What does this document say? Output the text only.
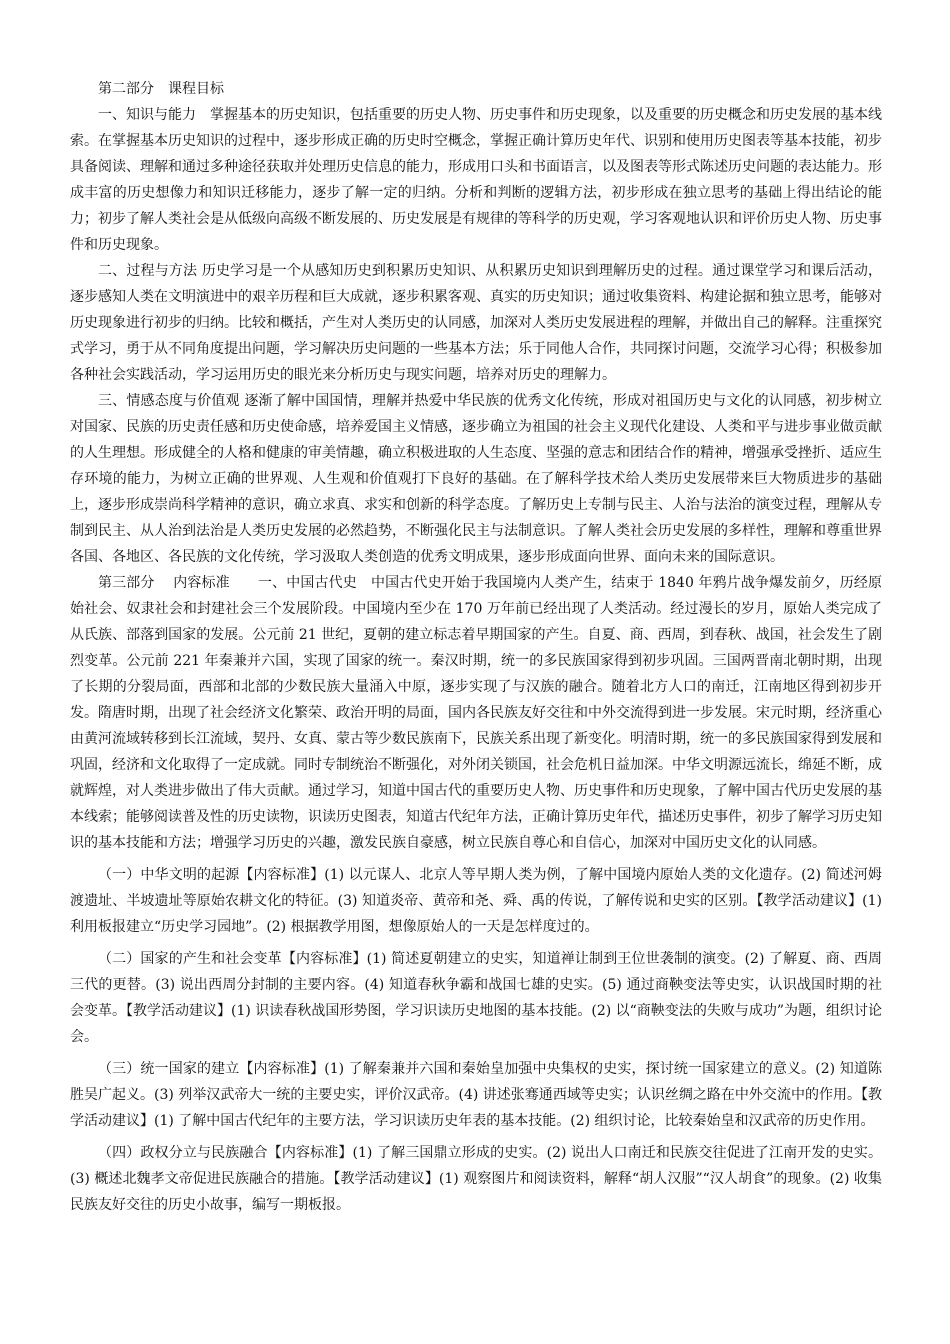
第二部分　课程目标

一、知识与能力　掌握基本的历史知识，包括重要的历史人物、历史事件和历史现象，以及重要的历史概念和历史发展的基本线索。在掌握基本历史知识的过程中，逐步形成正确的历史时空概念，掌握正确计算历史年代、识别和使用历史图表等基本技能，初步具备阅读、理解和通过多种途径获取并处理历史信息的能力，形成用口头和书面语言，以及图表等形式陈述历史问题的表达能力。形成丰富的历史想像力和知识迁移能力，逐步了解一定的归纳。分析和判断的逻辑方法，初步形成在独立思考的基础上得出结论的能力；初步了解人类社会是从低级向高级不断发展的、历史发展是有规律的等科学的历史观，学习客观地认识和评价历史人物、历史事件和历史现象。

二、过程与方法 历史学习是一个从感知历史到积累历史知识、从积累历史知识到理解历史的过程。通过课堂学习和课后活动，逐步感知人类在文明演进中的艰辛历程和巨大成就，逐步积累客观、真实的历史知识；通过收集资料、构建论据和独立思考，能够对历史现象进行初步的归纳。比较和概括，产生对人类历史的认同感，加深对人类历史发展进程的理解，并做出自己的解释。注重探究式学习，勇于从不同角度提出问题，学习解决历史问题的一些基本方法；乐于同他人合作，共同探讨问题，交流学习心得；积极参加各种社会实践活动，学习运用历史的眼光来分析历史与现实问题，培养对历史的理解力。

三、情感态度与价值观 逐渐了解中国国情，理解并热爱中华民族的优秀文化传统，形成对祖国历史与文化的认同感，初步树立对国家、民族的历史责任感和历史使命感，培养爱国主义情感，逐步确立为祖国的社会主义现代化建设、人类和平与进步事业做贡献的人生理想。形成健全的人格和健康的审美情趣，确立积极进取的人生态度、坚强的意志和团结合作的精神，增强承受挫折、适应生存环境的能力，为树立正确的世界观、人生观和价值观打下良好的基础。在了解科学技术给人类历史发展带来巨大物质进步的基础上，逐步形成崇尚科学精神的意识，确立求真、求实和创新的科学态度。了解历史上专制与民主、人治与法治的演变过程，理解从专制到民主、从人治到法治是人类历史发展的必然趋势，不断强化民主与法制意识。了解人类社会历史发展的多样性，理解和尊重世界各国、各地区、各民族的文化传统，学习汲取人类创造的优秀文明成果，逐步形成面向世界、面向未来的国际意识。

第三部分　 内容标准　　一、中国古代史　中国古代史开始于我国境内人类产生，结束于 1840 年鸦片战争爆发前夕，历经原始社会、奴隶社会和封建社会三个发展阶段。中国境内至少在 170 万年前已经出现了人类活动。经过漫长的岁月，原始人类完成了从氏族、部落到国家的发展。公元前 21 世纪，夏朝的建立标志着早期国家的产生。自夏、商、西周，到春秋、战国，社会发生了剧烈变革。公元前 221 年秦兼并六国，实现了国家的统一。秦汉时期，统一的多民族国家得到初步巩固。三国两晋南北朝时期，出现了长期的分裂局面，西部和北部的少数民族大量涌入中原，逐步实现了与汉族的融合。随着北方人口的南迁，江南地区得到初步开发。隋唐时期，出现了社会经济文化繁荣、政治开明的局面，国内各民族友好交往和中外交流得到进一步发展。宋元时期，经济重心由黄河流域转移到长江流域，契丹、女真、蒙古等少数民族南下，民族关系出现了新变化。明清时期，统一的多民族国家得到发展和巩固，经济和文化取得了一定成就。同时专制统治不断强化，对外闭关锁国，社会危机日益加深。中华文明源远流长，绵延不断，成就辉煌，对人类进步做出了伟大贡献。通过学习，知道中国古代的重要历史人物、历史事件和历史现象，了解中国古代历史发展的基本线索；能够阅读普及性的历史读物，识读历史图表，知道古代纪年方法，正确计算历史年代，描述历史事件，初步了解学习历史知识的基本技能和方法；增强学习历史的兴趣，激发民族自豪感，树立民族自尊心和自信心，加深对中国历史文化的认同感。

（一）中华文明的起源【内容标准】(1) 以元谋人、北京人等早期人类为例，了解中国境内原始人类的文化遗存。(2) 简述河姆渡遗址、半坡遗址等原始农耕文化的特征。(3) 知道炎帝、黄帝和尧、舜、禹的传说，了解传说和史实的区别。【教学活动建议】(1) 利用板报建立“历史学习园地”。(2) 根据教学用图，想像原始人的一天是怎样度过的。

（二）国家的产生和社会变革【内容标准】(1) 简述夏朝建立的史实，知道禅让制到王位世袭制的演变。(2) 了解夏、商、西周三代的更替。(3) 说出西周分封制的主要内容。(4) 知道春秋争霸和战国七雄的史实。(5) 通过商鞅变法等史实，认识战国时期的社会变革。【教学活动建议】(1) 识读春秋战国形势图，学习识读历史地图的基本技能。(2) 以“商鞅变法的失败与成功”为题，组织讨论会。

（三）统一国家的建立【内容标准】(1) 了解秦兼并六国和秦始皇加强中央集权的史实，探讨统一国家建立的意义。(2) 知道陈胜吴广起义。(3) 列举汉武帝大一统的主要史实，评价汉武帝。(4) 讲述张骞通西域等史实；认识丝绸之路在中外交流中的作用。【教学活动建议】(1) 了解中国古代纪年的主要方法，学习识读历史年表的基本技能。(2) 组织讨论，比较秦始皇和汉武帝的历史作用。

（四）政权分立与民族融合【内容标准】(1) 了解三国鼎立形成的史实。(2) 说出人口南迁和民族交往促进了江南开发的史实。(3) 概述北魏孝文帝促进民族融合的措施。【教学活动建议】(1) 观察图片和阅读资料，解释“胡人汉服”“汉人胡食”的现象。(2) 收集民族友好交往的历史小故事，编写一期板报。
